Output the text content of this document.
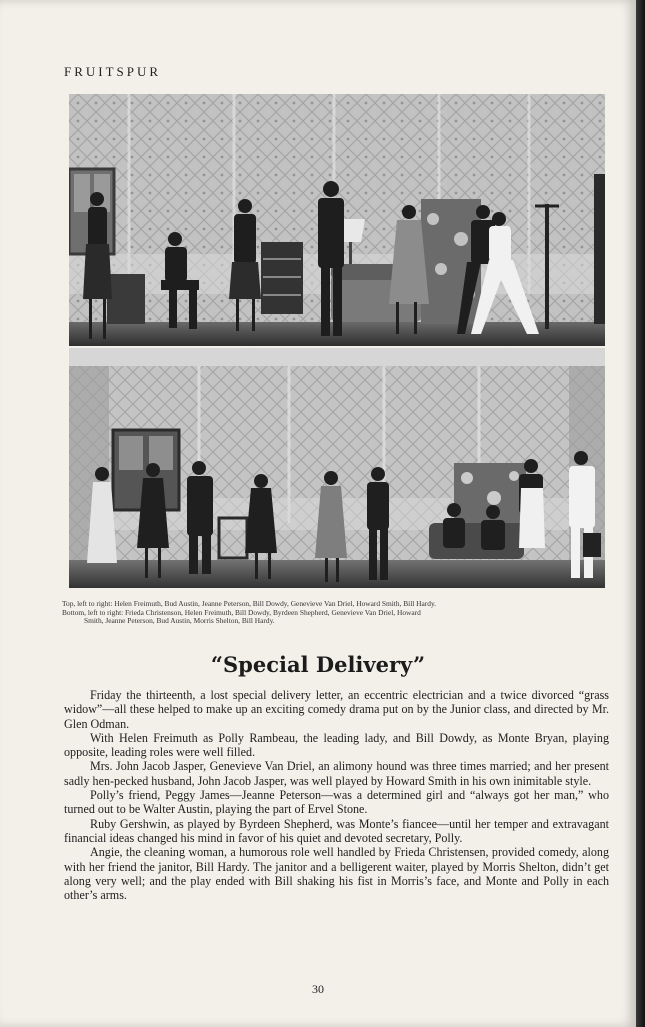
FRUITSPUR
Top, left to right: Helen Freimuth, Bud Austin, Jeanne Peterson, Bill Dowdy, Genevieve Van Driel, Howard Smith, Bill Hardy.
Bottom, left to right: Frieda Christenson, Helen Freimuth, Bill Dowdy, Byrdeen Shepherd, Genevieve Van Driel, Howard
Smith, Jeanne Peterson, Bud Austin, Morris Shelton, Bill Hardy.
“Special Delivery”

Friday the thirteenth, a lost special delivery letter, an eccentric electrician and a twice divorced “grass widow”—all these helped to make up an exciting comedy drama put on by the Junior class, and directed by Mr. Glen Odman.

With Helen Freimuth as Polly Rambeau, the leading lady, and Bill Dowdy, as Monte Bryan, playing opposite, leading roles were well filled.

Mrs. John Jacob Jasper, Genevieve Van Driel, an alimony hound was three times married; and her present sadly hen-pecked husband, John Jacob Jasper, was well played by Howard Smith in his own inimitable style.

Polly’s friend, Peggy James—Jeanne Peterson—was a determined girl and “always got her man,” who turned out to be Walter Austin, playing the part of Ervel Stone.

Ruby Gershwin, as played by Byrdeen Shepherd, was Monte’s fiancee—until her temper and extravagant financial ideas changed his mind in favor of his quiet and devoted secretary, Polly.

Angie, the cleaning woman, a humorous role well handled by Frieda Christensen, provided comedy, along with her friend the janitor, Bill Hardy. The janitor and a belligerent waiter, played by Morris Shelton, didn’t get along very well; and the play ended with Bill shaking his fist in Morris’s face, and Monte and Polly in each other’s arms.

30
